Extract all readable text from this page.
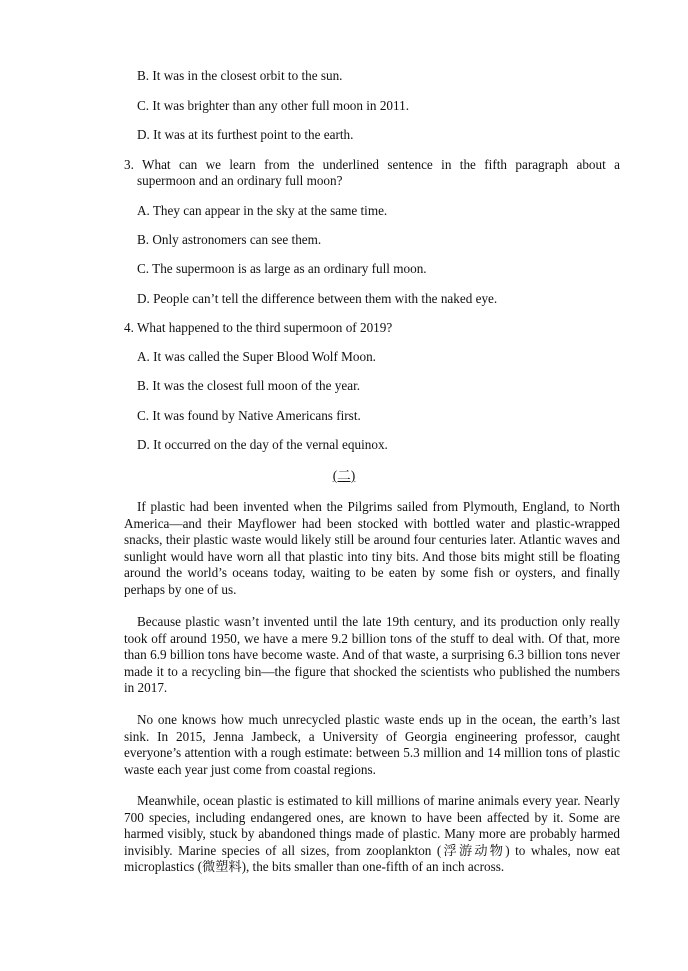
B. It was in the closest orbit to the sun.
C. It was brighter than any other full moon in 2011.
D. It was at its furthest point to the earth.
3. What can we learn from the underlined sentence in the fifth paragraph about a
supermoon and an ordinary full moon?
A. They can appear in the sky at the same time.
B. Only astronomers can see them.
C. The supermoon is as large as an ordinary full moon.
D. People can’t tell the difference between them with the naked eye.
4. What happened to the third supermoon of 2019?
A. It was called the Super Blood Wolf Moon.
B. It was the closest full moon of the year.
C. It was found by Native Americans first.
D. It occurred on the day of the vernal equinox.
(二)

If plastic had been invented when the Pilgrims sailed from Plymouth, England, to North America—and their Mayflower had been stocked with bottled water and plastic-wrapped snacks, their plastic waste would likely still be around four centuries later. Atlantic waves and sunlight would have worn all that plastic into tiny bits. And those bits might still be floating around the world’s oceans today, waiting to be eaten by some fish or oysters, and finally perhaps by one of us.

Because plastic wasn’t invented until the late 19th century, and its production only really took off around 1950, we have a mere 9.2 billion tons of the stuff to deal with. Of that, more than 6.9 billion tons have become waste. And of that waste, a surprising 6.3 billion tons never made it to a recycling bin—the figure that shocked the scientists who published the numbers in 2017.

No one knows how much unrecycled plastic waste ends up in the ocean, the earth’s last sink. In 2015, Jenna Jambeck, a University of Georgia engineering professor, caught everyone’s attention with a rough estimate: between 5.3 million and 14 million tons of plastic waste each year just come from coastal regions.

Meanwhile, ocean plastic is estimated to kill millions of marine animals every year. Nearly 700 species, including endangered ones, are known to have been affected by it. Some are harmed visibly, stuck by abandoned things made of plastic. Many more are probably harmed invisibly. Marine species of all sizes, from zooplankton (浮游动物) to whales, now eat microplastics (微塑料), the bits smaller than one-fifth of an inch across.
